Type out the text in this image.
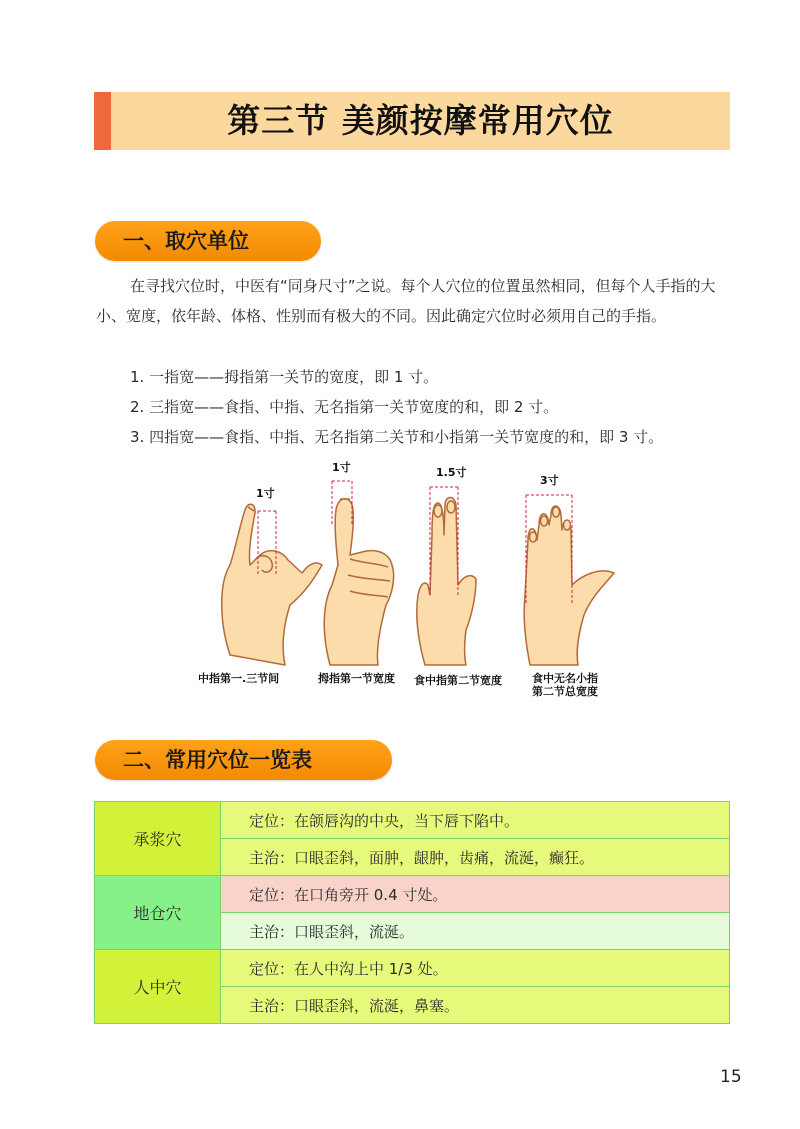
第三节 美颜按摩常用穴位
一、取穴单位
在寻找穴位时，中医有“同身尺寸”之说。每个人穴位的位置虽然相同，但每个人手指的大小、宽度，依年龄、体格、性别而有极大的不同。因此确定穴位时必须用自己的手指。
1. 一指宽——拇指第一关节的宽度，即 1 寸。
2. 三指宽——食指、中指、无名指第一关节宽度的和，即 2 寸。
3. 四指宽——食指、中指、无名指第二关节和小指第一关节宽度的和，即 3 寸。
1寸
1寸	1.5寸
3寸
中指第一.三节间	拇指第一节宽度 食中指第二节宽度	食中无名小指
第二节总宽度
二、常用穴位一览表
承浆穴	定位：在颌唇沟的中央，当下唇下陷中。
	主治：口眼歪斜，面肿，龈肿，齿痛，流涎，癫狂。
地仓穴	定位：在口角旁开 0.4 寸处。
	主治：口眼歪斜，流涎。
人中穴	定位：在人中沟上中 1/3 处。
	主治：口眼歪斜，流涎，鼻塞。
15
